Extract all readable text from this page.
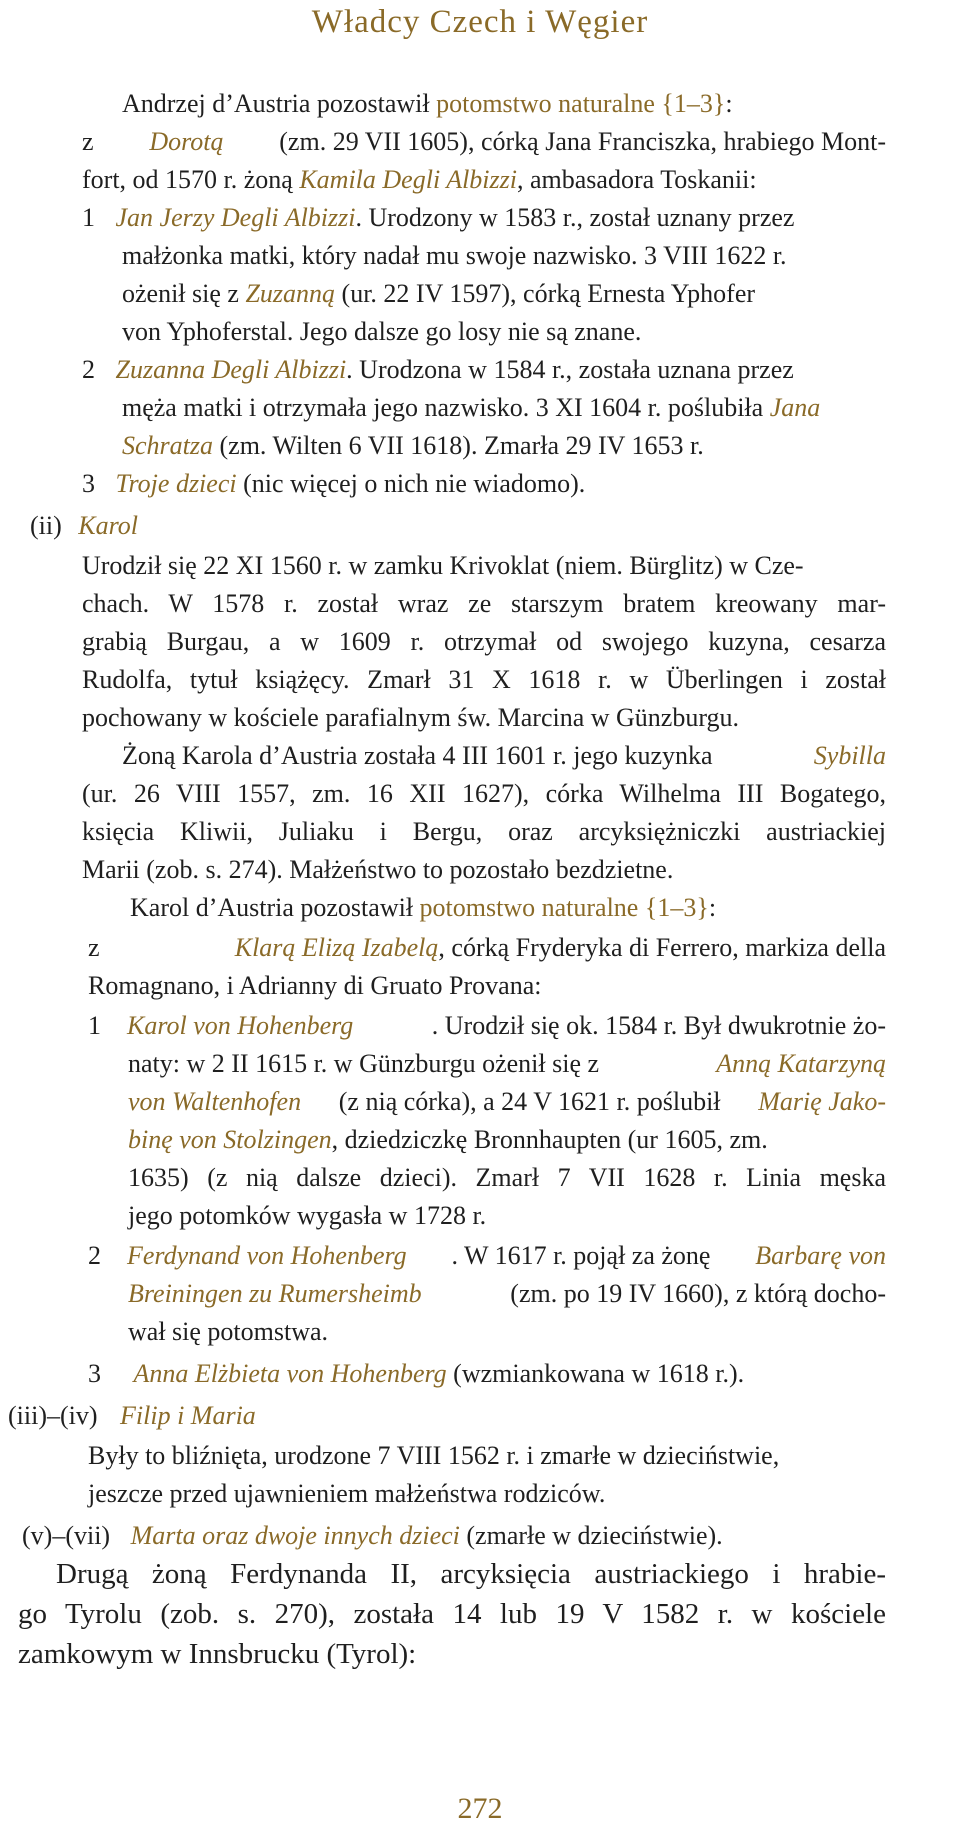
Władcy Czech i Węgier
Andrzej d’Austria pozostawił potomstwo naturalne {1–3}:
z Dorotą (zm. 29 VII 1605), córką Jana Franciszka, hrabiego Mont-
fort, od 1570 r. żoną Kamila Degli Albizzi, ambasadora Toskanii:
1 Jan Jerzy Degli Albizzi. Urodzony w 1583 r., został uznany przez
małżonka matki, który nadał mu swoje nazwisko. 3 VIII 1622 r.
ożenił się z Zuzanną (ur. 22 IV 1597), córką Ernesta Yphofer
von Yphoferstal. Jego dalsze go losy nie są znane.
2 Zuzanna Degli Albizzi. Urodzona w 1584 r., została uznana przez
męża matki i otrzymała jego nazwisko. 3 XI 1604 r. poślubiła Jana
Schratza (zm. Wilten 6 VII 1618). Zmarła 29 IV 1653 r.
3 Troje dzieci (nic więcej o nich nie wiadomo).
(ii) Karol
Urodził się 22 XI 1560 r. w zamku Krivoklat (niem. Bürglitz) w Cze-
chach. W 1578 r. został wraz ze starszym bratem kreowany mar-
grabią Burgau, a w 1609 r. otrzymał od swojego kuzyna, cesarza
Rudolfa, tytuł książęcy. Zmarł 31 X 1618 r. w Überlingen i został
pochowany w kościele parafialnym św. Marcina w Günzburgu.
Żoną Karola d’Austria została 4 III 1601 r. jego kuzynka	Sybilla
(ur. 26 VIII 1557, zm. 16 XII 1627), córka Wilhelma III Bogatego,
księcia Kliwii, Juliaku i Bergu, oraz arcyksiężniczki austriackiej
Marii (zob. s. 274). Małżeństwo to pozostało bezdzietne.
Karol d’Austria pozostawił potomstwo naturalne {1–3}:
z	Klarą Elizą Izabelą, córką Fryderyka di Ferrero, markiza della
Romagnano, i Adrianny di Gruato Provana:
1 Karol von Hohenberg	. Urodził się ok. 1584 r. Był dwukrotnie żo-
naty: w 2 II 1615 r. w Günzburgu ożenił się z	Anną Katarzyną
von Waltenhofen (z nią córka), a 24 V 1621 r. poślubił Marię Jako-
binę von Stolzingen, dziedziczkę Bronnhaupten (ur 1605, zm.
1635) (z nią dalsze dzieci). Zmarł 7 VII 1628 r. Linia męska
jego potomków wygasła w 1728 r.
2 Ferdynand von Hohenberg . W 1617 r. pojął za żonę Barbarę von
Breiningen zu Rumersheimb	(zm. po 19 IV 1660), z którą docho-
wał się potomstwa.
3 Anna Elżbieta von Hohenberg (wzmiankowana w 1618 r.).
(iii)–(iv) Filip i Maria
Były to bliźnięta, urodzone 7 VIII 1562 r. i zmarłe w dzieciństwie,
jeszcze przed ujawnieniem małżeństwa rodziców.
(v)–(vii) Marta oraz dwoje innych dzieci (zmarłe w dzieciństwie).
Drugą żoną Ferdynanda II, arcyksięcia austriackiego i hrabie-
go Tyrolu (zob. s. 270), została 14 lub 19 V 1582 r. w kościele
zamkowym w Innsbrucku (Tyrol):
272
